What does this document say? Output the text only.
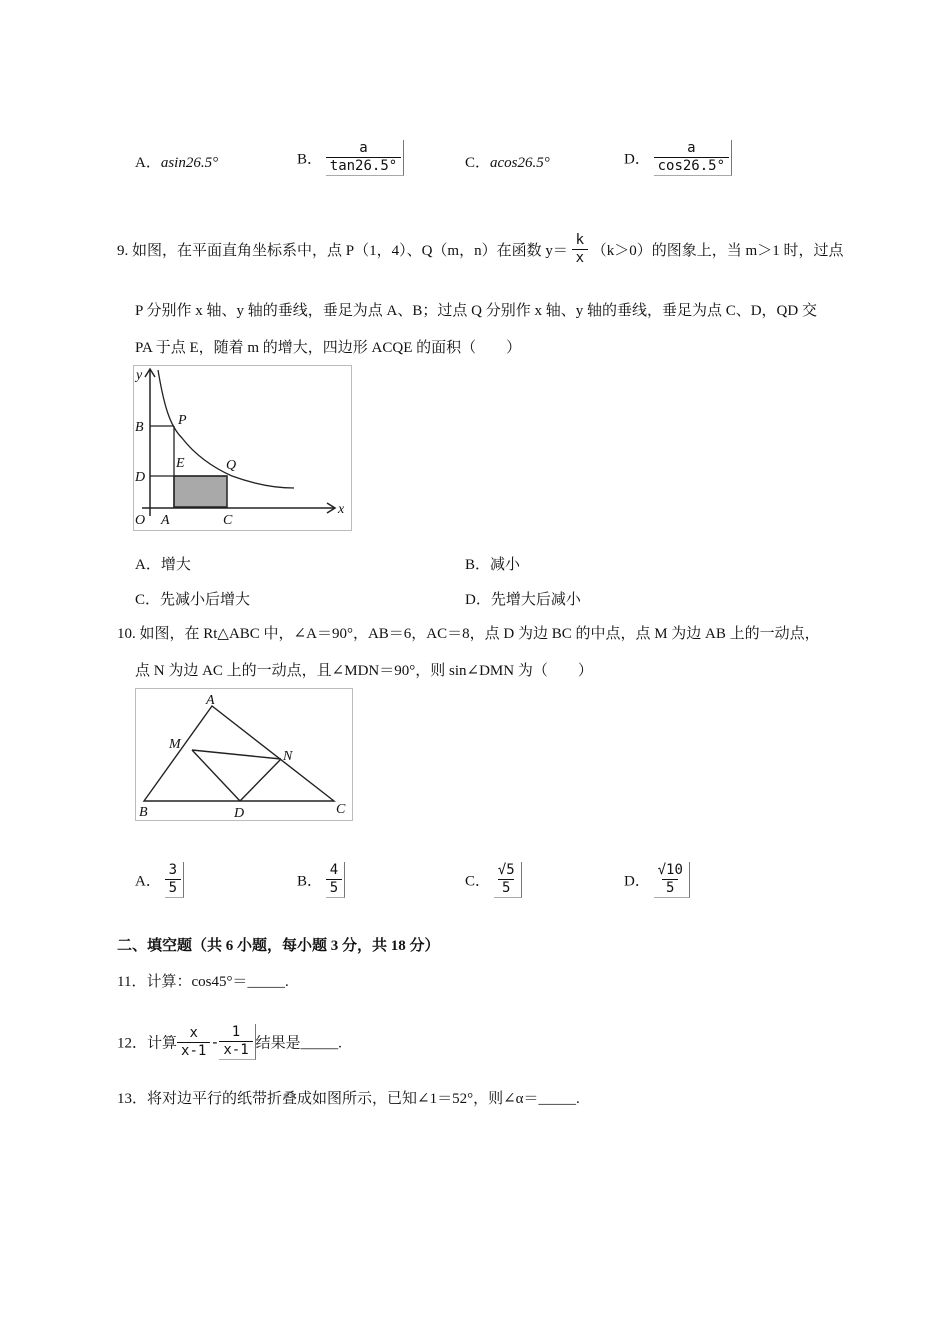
A．asin26.5°	B． $\frac{a}{\tan 26.5^\circ}$	C．acos26.5°	D． $\frac{a}{\cos 26.5^\circ}$
9. 如图，在平面直角坐标系中，点 P（1，4）、Q（m，n）在函数 $y= \frac{k}{x} (k>0)$的图象上，当 m＞1 时，过点
P 分别作 x 轴、y 轴的垂线，垂足为点 A、B；过点 Q 分别作 x 轴、y 轴的垂线，垂足为点 C、D，QD 交
PA 于点 E，随着 m 的增大，四边形 ACQE 的面积（　　）
y
x
O A	C
B
D
P
E	Q
A．增大	B．减小
C．先减小后增大	D．先增大后减小
10. 如图，在 Rt△ABC 中，∠A＝90°，AB＝6，AC＝8，点 D 为边 BC 的中点，点 M 为边 AB 上的一动点，
点 N 为边 AC 上的一动点，且∠MDN＝90°，则 sin∠DMN 为（　　）
A
B	C
D
M
N
A． $\frac{3}{5}$	B． $\frac{4}{5}$	C． $\frac{√5}{5}$	D． $\frac{√10}{5}$
二、填空题（共 6 小题，每小题 3 分，共 18 分）
11．计算：cos45°＝_____.
12．计算 $\frac{x}{x-1} - \frac{1}{x-1}$ 结果是_____.
13．将对边平行的纸带折叠成如图所示，已知∠1＝52°，则∠α＝_____.
